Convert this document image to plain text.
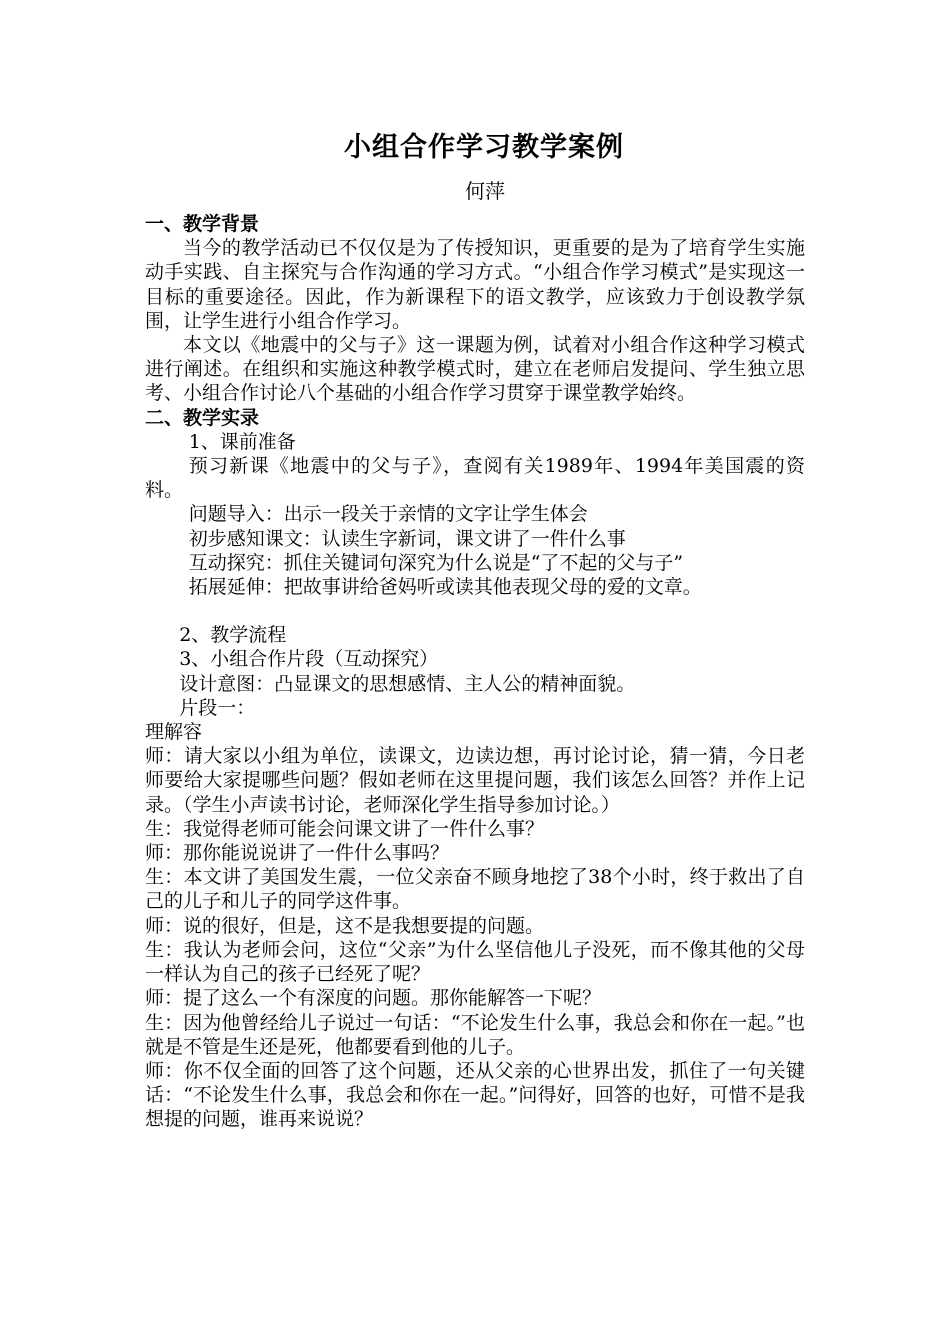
小组合作学习教学案例
何萍

一、教学背景

当今的教学活动已不仅仅是为了传授知识，更重要的是为了培育学生实施动手实践、自主探究与合作沟通的学习方式。“小组合作学习模式”是实现这一目标的重要途径。因此，作为新课程下的语文教学，应该致力于创设教学氛围，让学生进行小组合作学习。

本文以《地震中的父与子》这一课题为例，试着对小组合作这种学习模式进行阐述。在组织和实施这种教学模式时，建立在老师启发提问、学生独立思考、小组合作讨论八个基础的小组合作学习贯穿于课堂教学始终。

二、教学实录

1、课前准备

预习新课《地震中的父与子》，查阅有关1989年、1994年美国震的资料。

问题导入：出示一段关于亲情的文字让学生体会

初步感知课文：认读生字新词，课文讲了一件什么事

互动探究：抓住关键词句深究为什么说是“了不起的父与子”

拓展延伸：把故事讲给爸妈听或读其他表现父母的爱的文章。

2、教学流程

3、小组合作片段（互动探究）

设计意图：凸显课文的思想感情、主人公的精神面貌。

片段一：

理解容

师：请大家以小组为单位，读课文，边读边想，再讨论讨论，猜一猜，今日老师要给大家提哪些问题？假如老师在这里提问题，我们该怎么回答？并作上记录。（学生小声读书讨论，老师深化学生指导参加讨论。）

生：我觉得老师可能会问课文讲了一件什么事？

师：那你能说说讲了一件什么事吗？

生：本文讲了美国发生震，一位父亲奋不顾身地挖了38个小时，终于救出了自己的儿子和儿子的同学这件事。

师：说的很好，但是，这不是我想要提的问题。

生：我认为老师会问，这位“父亲”为什么坚信他儿子没死，而不像其他的父母一样认为自己的孩子已经死了呢？

师：提了这么一个有深度的问题。那你能解答一下呢？

生：因为他曾经给儿子说过一句话：“不论发生什么事，我总会和你在一起。”也就是不管是生还是死，他都要看到他的儿子。

师：你不仅全面的回答了这个问题，还从父亲的心世界出发，抓住了一句关键话：“不论发生什么事，我总会和你在一起。”问得好，回答的也好，可惜不是我想提的问题，谁再来说说？
